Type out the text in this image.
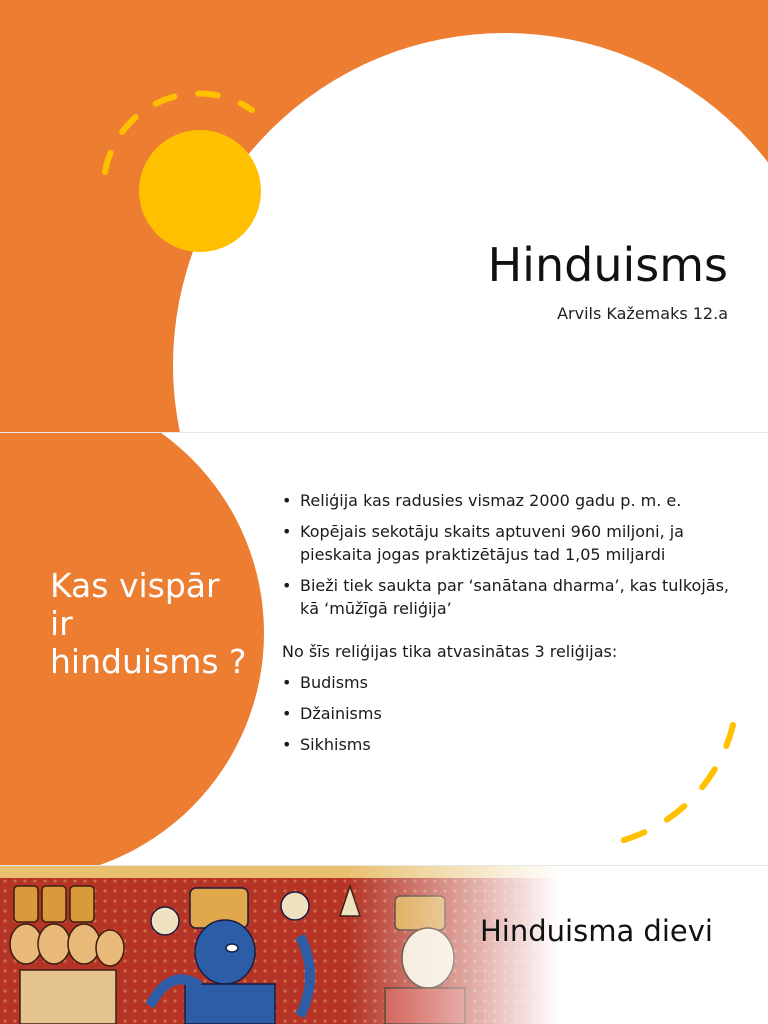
Hinduisms
Arvils Kažemaks 12.a
Kas vispār ir hinduisms ?
• Reliģija kas radusies vismaz 2000 gadu p. m. e.
• Kopējais sekotāju skaits aptuveni 960 miljoni, ja pieskaita jogas praktizētājus tad 1,05 miljardi
• Bieži tiek saukta par ‘sanātana dharma’, kas tulkojās, kā ‘mūžīgā reliģija’
No šīs reliģijas tika atvasinātas 3 reliģijas:
• Budisms
• Džainisms
• Sikhisms
Hinduisma dievi
